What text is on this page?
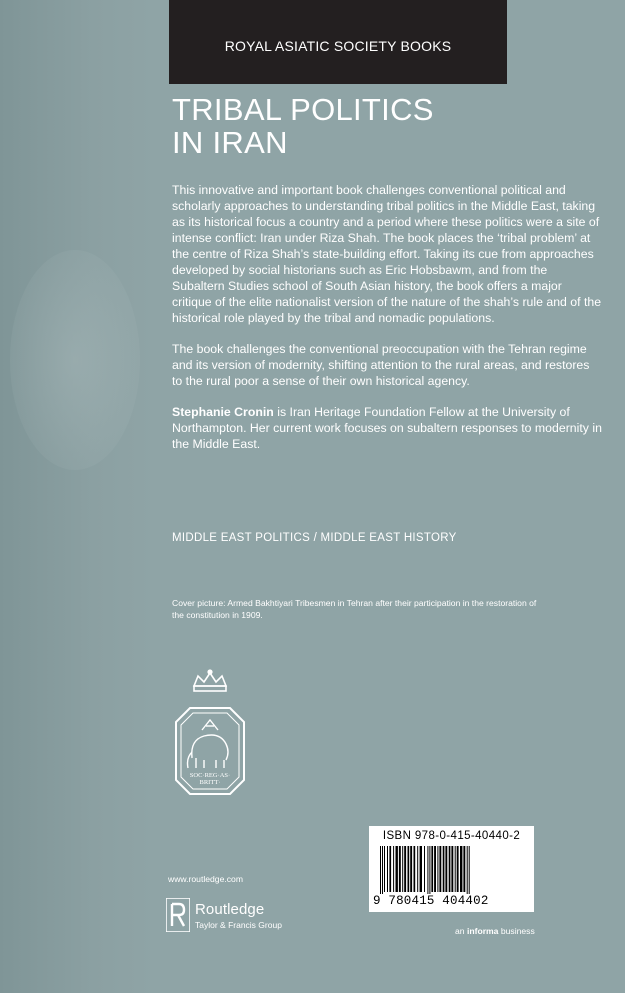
ROYAL ASIATIC SOCIETY BOOKS
TRIBAL POLITICS
IN IRAN

This innovative and important book challenges conventional political and scholarly approaches to understanding tribal politics in the Middle East, taking as its historical focus a country and a period where these politics were a site of intense conflict: Iran under Riza Shah. The book places the ‘tribal problem’ at the centre of Riza Shah’s state-building effort. Taking its cue from approaches developed by social historians such as Eric Hobsbawm, and from the Subaltern Studies school of South Asian history, the book offers a major critique of the elite nationalist version of the nature of the shah’s rule and of the historical role played by the tribal and nomadic populations.

The book challenges the conventional preoccupation with the Tehran regime and its version of modernity, shifting attention to the rural areas, and restores to the rural poor a sense of their own historical agency.

Stephanie Cronin is Iran Heritage Foundation Fellow at the University of Northampton. Her current work focuses on subaltern responses to modernity in the Middle East.

MIDDLE EAST POLITICS / MIDDLE EAST HISTORY
Cover picture: Armed Bakhtiyari Tribesmen in Tehran after their participation in the restoration of the constitution in 1909.
SOC·REG·AS·
BRITT·
ISBN 978-0-415-40440-2
9 780415 404402
www.routledge.com
Routledge
Taylor & Francis Group
an informa business
